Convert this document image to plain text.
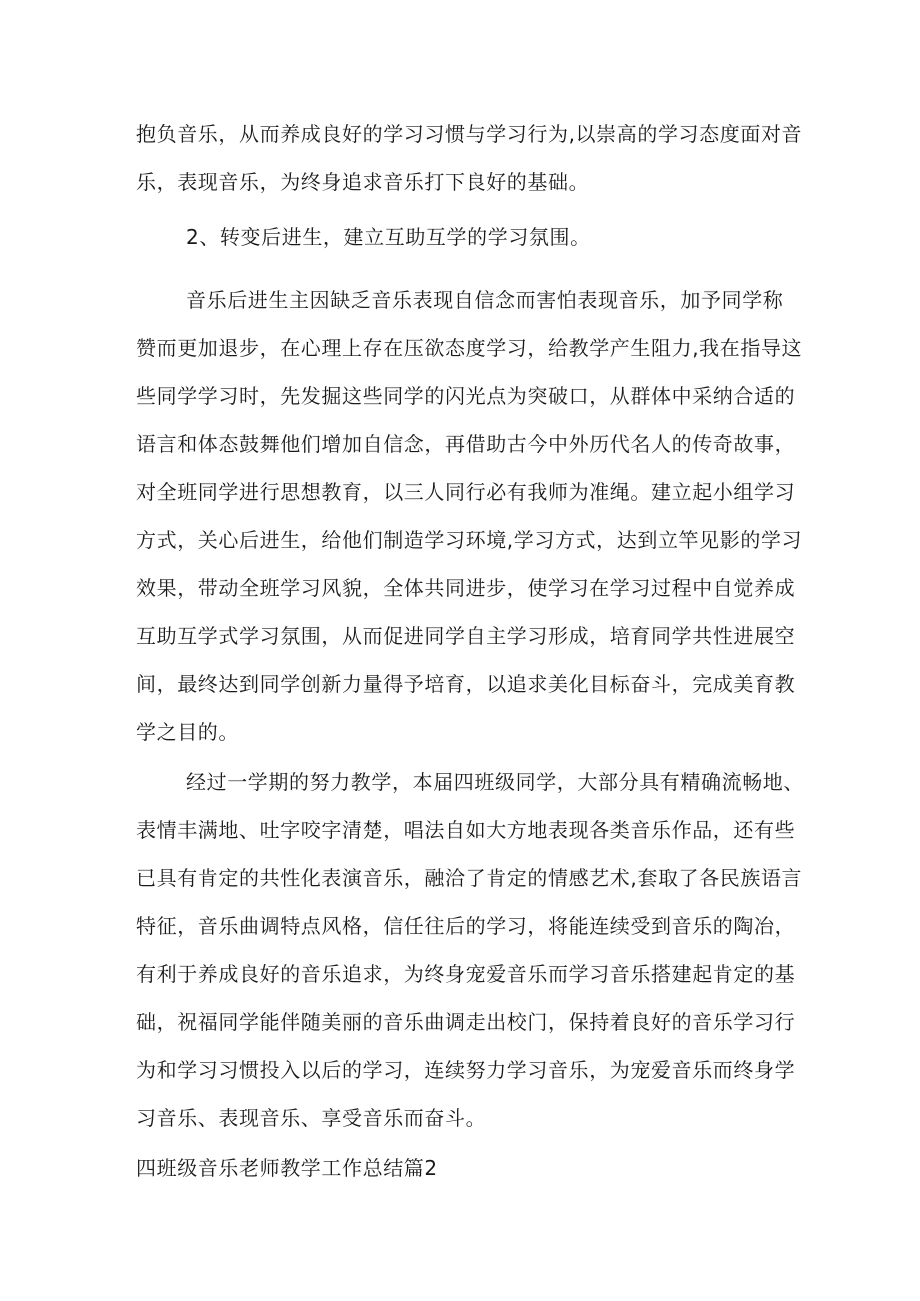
抱负音乐，从而养成良好的学习习惯与学习行为,以崇高的学习态度面对音
乐，表现音乐，为终身追求音乐打下良好的基础。
2、转变后进生，建立互助互学的学习氛围。
音乐后进生主因缺乏音乐表现自信念而害怕表现音乐，加予同学称
赞而更加退步，在心理上存在压欲态度学习，给教学产生阻力,我在指导这
些同学学习时，先发掘这些同学的闪光点为突破口，从群体中采纳合适的
语言和体态鼓舞他们增加自信念，再借助古今中外历代名人的传奇故事，
对全班同学进行思想教育，以三人同行必有我师为准绳。建立起小组学习
方式，关心后进生，给他们制造学习环境,学习方式，达到立竿见影的学习
效果，带动全班学习风貌，全体共同进步，使学习在学习过程中自觉养成
互助互学式学习氛围，从而促进同学自主学习形成，培育同学共性进展空
间，最终达到同学创新力量得予培育，以追求美化目标奋斗，完成美育教
学之目的。
经过一学期的努力教学，本届四班级同学，大部分具有精确流畅地、
表情丰满地、吐字咬字清楚，唱法自如大方地表现各类音乐作品，还有些
已具有肯定的共性化表演音乐，融洽了肯定的情感艺术,套取了各民族语言
特征，音乐曲调特点风格，信任往后的学习，将能连续受到音乐的陶冶，
有利于养成良好的音乐追求，为终身宠爱音乐而学习音乐搭建起肯定的基
础，祝福同学能伴随美丽的音乐曲调走出校门，保持着良好的音乐学习行
为和学习习惯投入以后的学习，连续努力学习音乐，为宠爱音乐而终身学
习音乐、表现音乐、享受音乐而奋斗。
四班级音乐老师教学工作总结篇2
